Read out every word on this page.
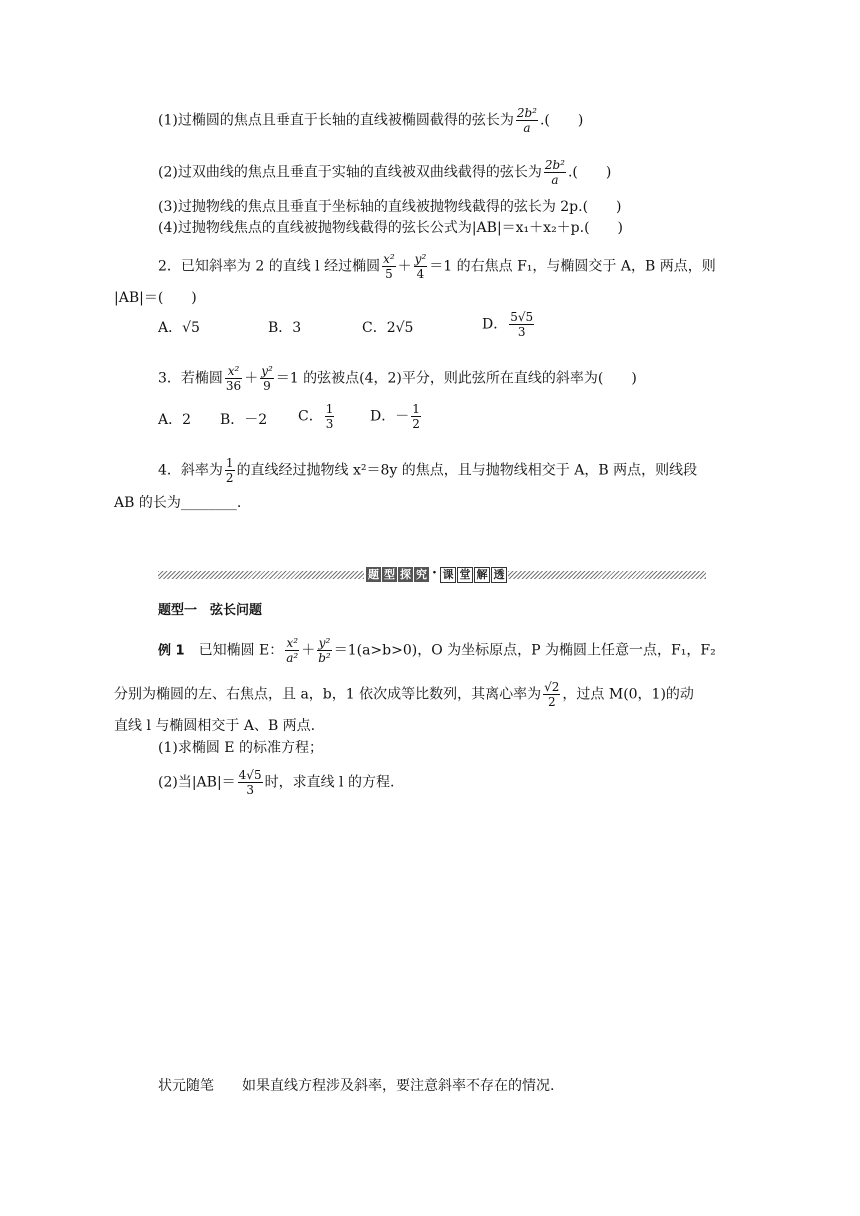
(1)过椭圆的焦点且垂直于长轴的直线被椭圆截得的弦长为 $\frac{\text{2b²}}{a}$ .(　　)
(2)过双曲线的焦点且垂直于实轴的直线被双曲线截得的弦长为 $\frac{\text{2b²}}{a}$ .(　　)
(3)过抛物线的焦点且垂直于坐标轴的直线被抛物线截得的弦长为 2p.(　　)
(4)过抛物线焦点的直线被抛物线截得的弦长公式为|AB|＝x₁＋x₂＋p.(　　)
2．已知斜率为 2 的直线 l 经过椭圆 $\frac{\text{x²}}{5} + \frac{\text{y²}}{4} =1$ 的右焦点 F₁，与椭圆交于 A，B 两点，则
|AB|＝(　　)
A．√5	B．3	C．2√5	D． $\frac{5√5}{3}$
3．若椭圆 $\frac{\text{x²}}{36} + \frac{\text{y²}}{9} =1$ 的弦被点(4，2)平分，则此弦所在直线的斜率为(　　)
A．2 B．－2 C． $\frac{1}{3}$	D．－ $\frac{1}{2}$
4．斜率为 $\frac{1}{2}$ 的直线经过抛物线 x²＝8y 的焦点，且与抛物线相交于 A，B 两点，则线段
AB 的长为________.
题 型 探 究 · 课 堂 解 透
题型一　弦长问题
例 1　 已知椭圆 E： $\frac{\text{x²}}{\text{a²}} + \frac{\text{y²}}{\text{b²}} =1(a>b>0)$，O 为坐标原点，P 为椭圆上任意一点，F₁，F₂
分别为椭圆的左、右焦点，且 a，b，1 依次成等比数列，其离心率为 $\frac{√2}{2}$ ，过点 M(0，1)的动
直线 l 与椭圆相交于 A、B 两点.
(1)求椭圆 E 的标准方程；
(2)当$|AB|= \frac{4√5}{3}$ 时，求直线 l 的方程.
状元随笔　　 如果直线方程涉及斜率，要注意斜率不存在的情况.
